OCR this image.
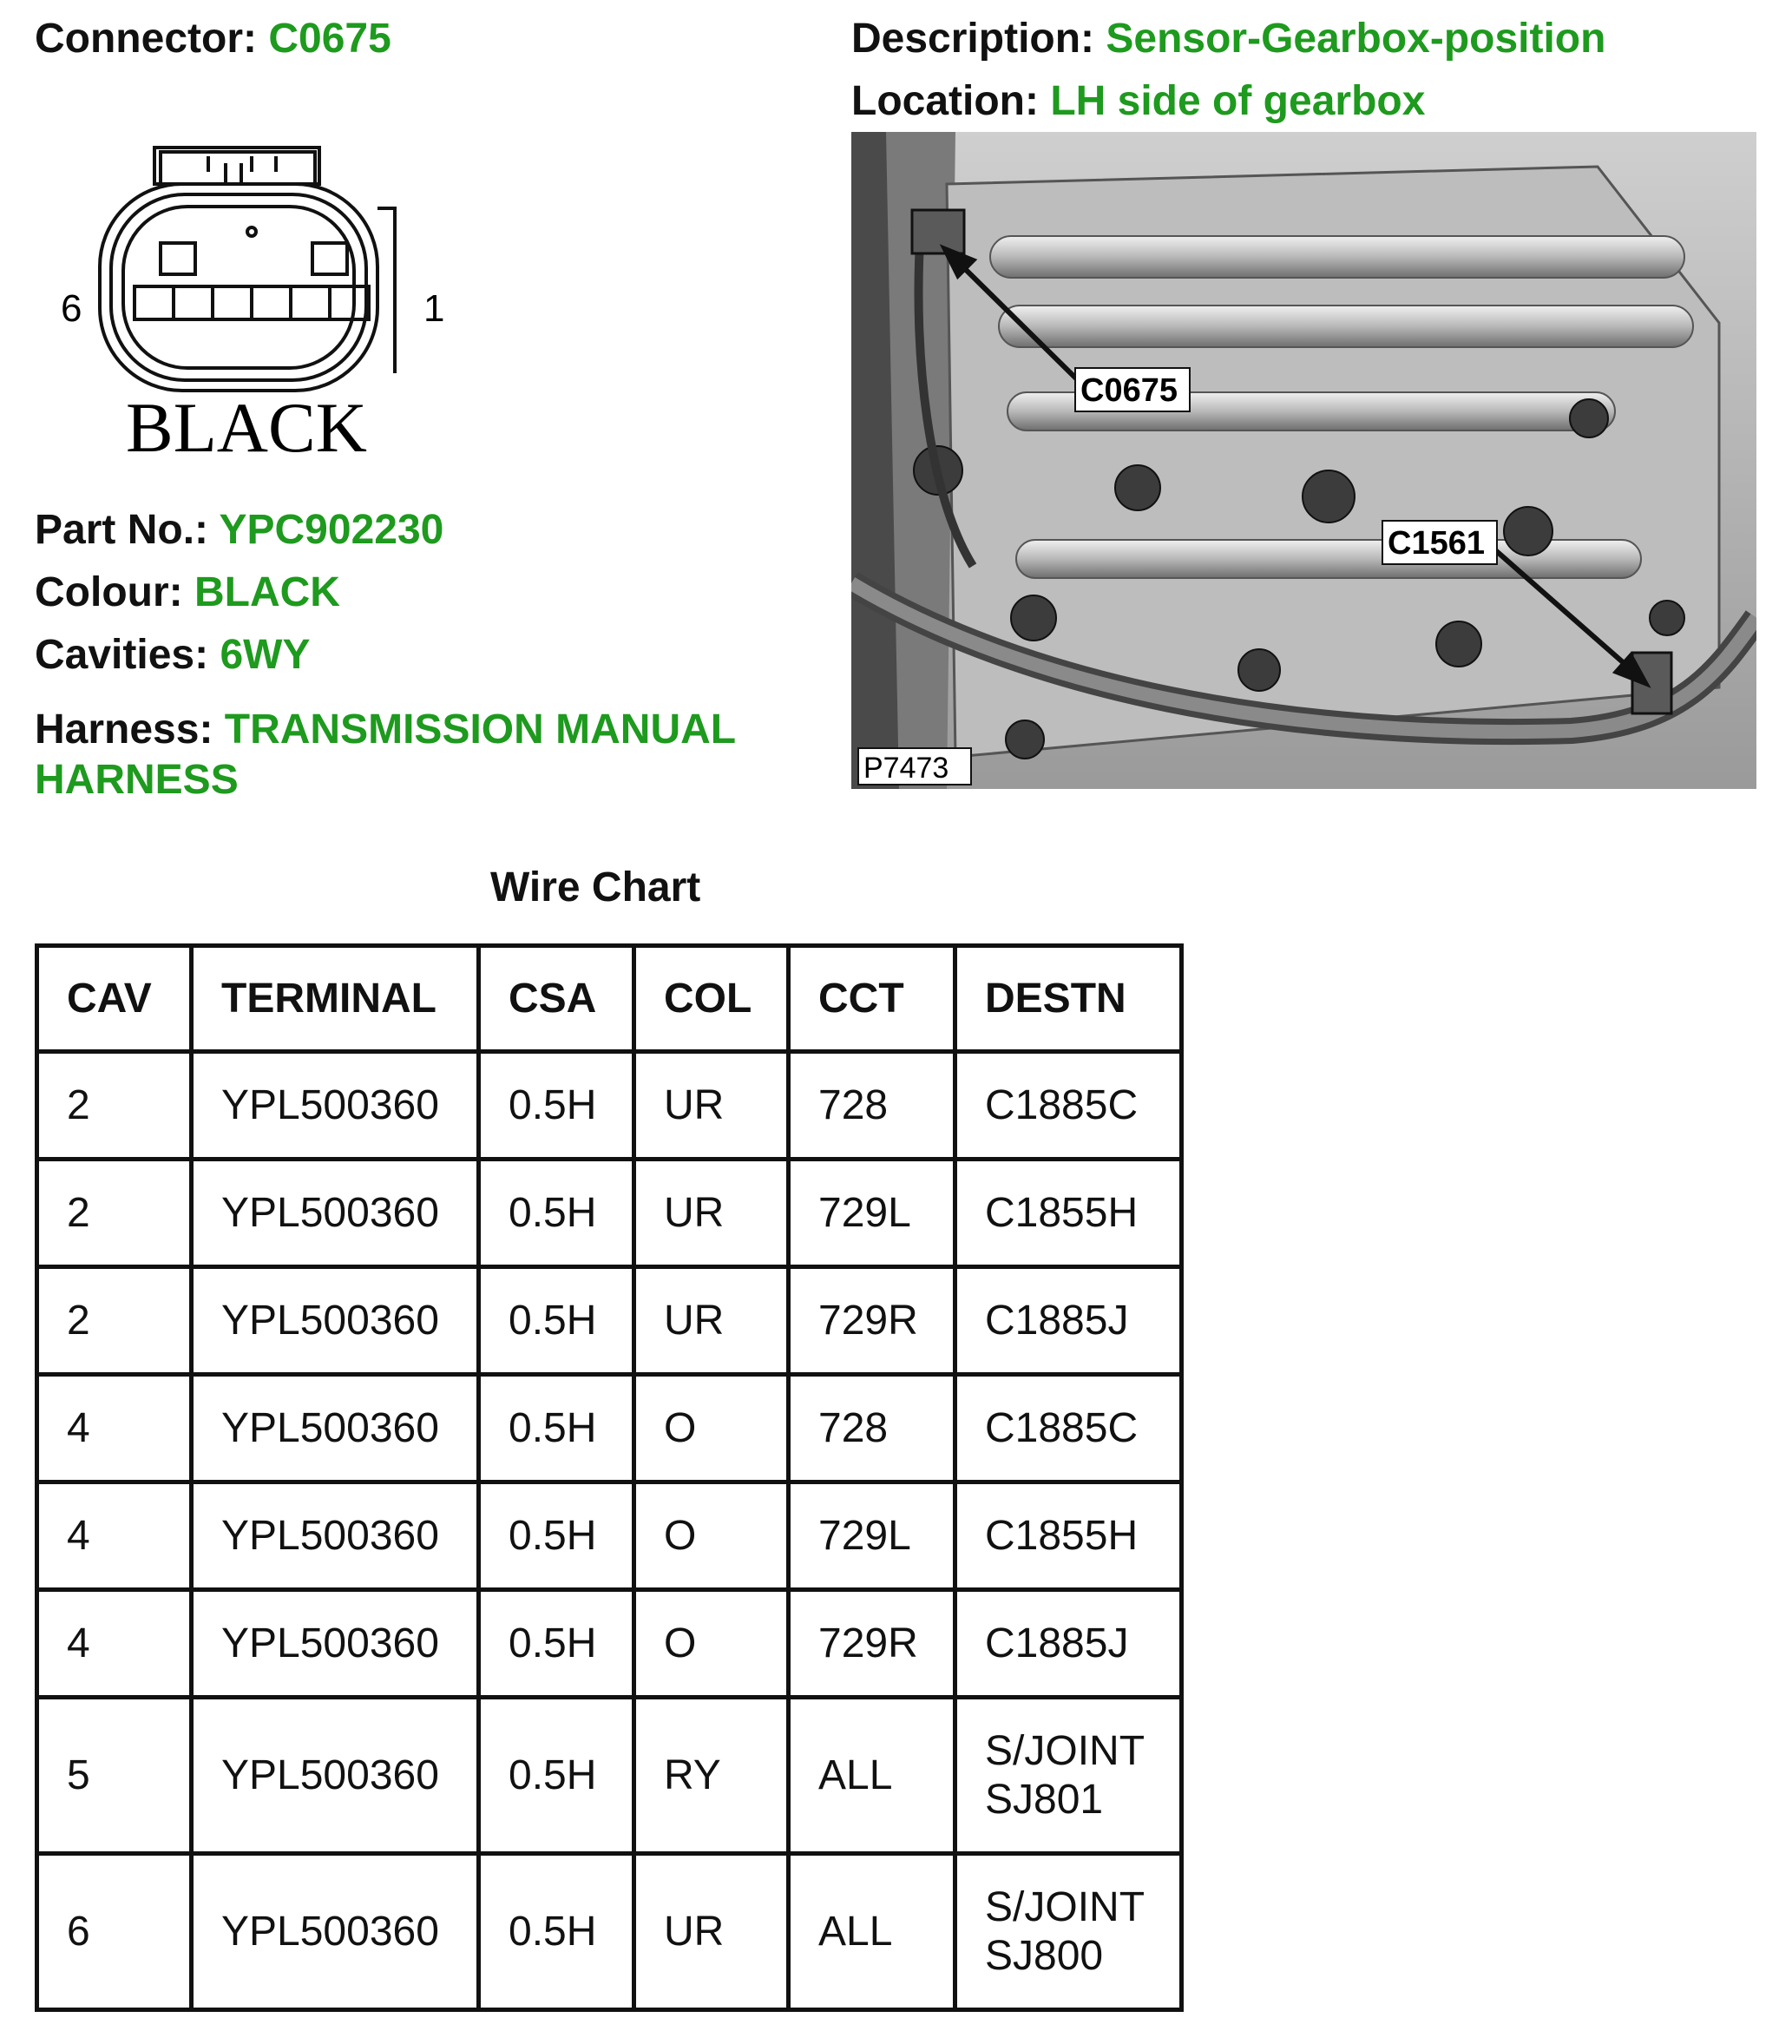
Connector: C0675	Description: Sensor-Gearbox-position
Location: LH side of gearbox
6	1
BLACK	C0675
C1561
P7473
Part No.: YPC902230
Colour: BLACK
Cavities: 6WY
Harness: TRANSMISSION MANUAL HARNESS
Wire Chart
CAV	TERMINAL	CSA	COL	CCT	DESTN
2	YPL500360	0.5H	UR	728	C1885C
2	YPL500360	0.5H	UR	729L	C1855H
2	YPL500360	0.5H	UR	729R	C1885J
4	YPL500360	0.5H	O	728	C1885C
4	YPL500360	0.5H	O	729L	C1855H
4	YPL500360	0.5H	O	729R	C1885J
5	YPL500360	0.5H	RY	ALL	S/JOINT SJ801
6	YPL500360	0.5H	UR	ALL	S/JOINT SJ800
